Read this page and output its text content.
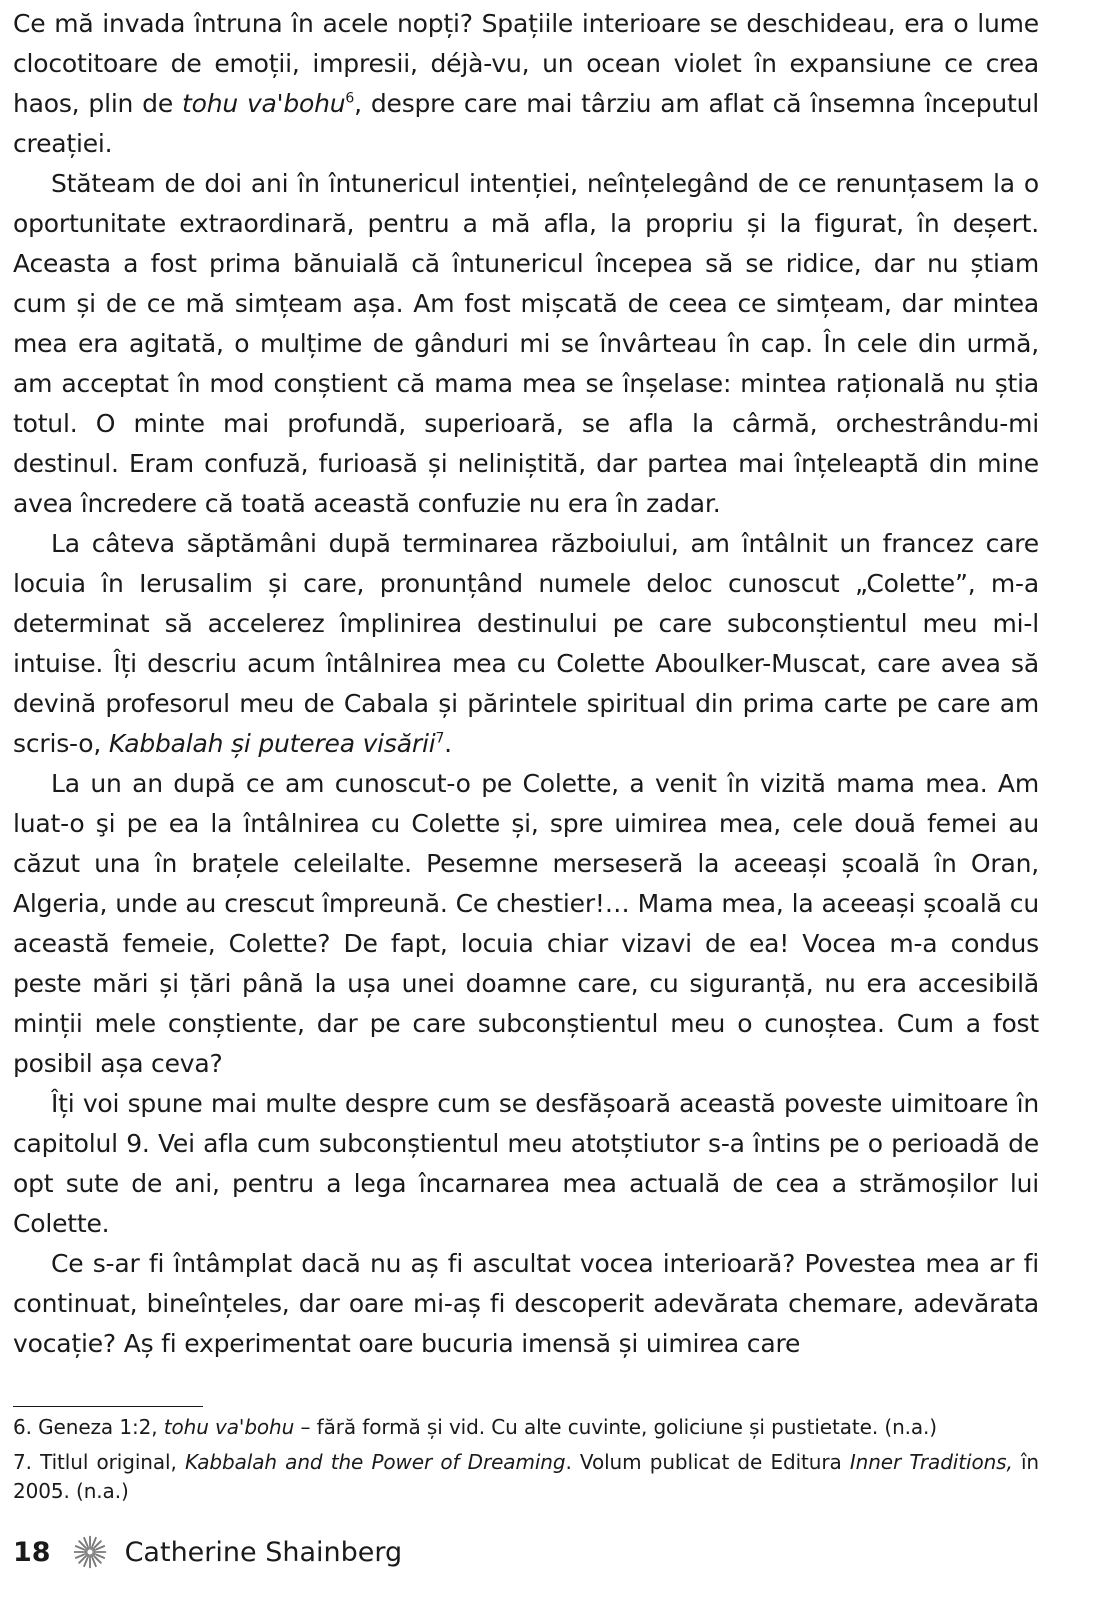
Ce mă invada întruna în acele nopți? Spațiile interioare se deschideau, era o lume clocotitoare de emoții, impresii, déjà-vu, un ocean violet în expansiune ce crea haos, plin de tohu va'bohu$^6$, despre care mai târziu am aflat că însemna începutul creației.

Stăteam de doi ani în întunericul intenției, neînțelegând de ce renunțasem la o oportunitate extraordinară, pentru a mă afla, la propriu și la figurat, în deșert. Aceasta a fost prima bănuială că întunericul începea să se ridice, dar nu știam cum și de ce mă simțeam așa. Am fost mișcată de ceea ce simțeam, dar mintea mea era agitată, o mulțime de gânduri mi se învârteau în cap. În cele din urmă, am acceptat în mod conștient că mama mea se înșelase: mintea rațională nu știa totul. O minte mai profundă, superioară, se afla la cârmă, orchestrându-mi destinul. Eram confuză, furioasă și neliniștită, dar partea mai înțeleaptă din mine avea încredere că toată această confuzie nu era în zadar.

La câteva săptămâni după terminarea războiului, am întâlnit un francez care locuia în Ierusalim și care, pronunțând numele deloc cunoscut „Colette”, m-a determinat să accelerez împlinirea destinului pe care subconștientul meu mi-l intuise. Îți descriu acum întâlnirea mea cu Colette Aboulker-Muscat, care avea să devină profesorul meu de Cabala și părintele spiritual din prima carte pe care am scris-o, Kabbalah și puterea visării$^7$.

La un an după ce am cunoscut-o pe Colette, a venit în vizită mama mea. Am luat-o şi pe ea la întâlnirea cu Colette și, spre uimirea mea, cele două femei au căzut una în brațele celeilalte. Pesemne merseseră la aceeași școală în Oran, Algeria, unde au crescut împreună. Ce chestier!… Mama mea, la aceeași școală cu această femeie, Colette? De fapt, locuia chiar vizavi de ea! Vocea m-a condus peste mări și țări până la ușa unei doamne care, cu siguranță, nu era accesibilă minții mele conștiente, dar pe care subconștientul meu o cunoștea. Cum a fost posibil așa ceva?

Îți voi spune mai multe despre cum se desfășoară această poveste uimitoare în capitolul 9. Vei afla cum subconștientul meu atotștiutor s-a întins pe o perioadă de opt sute de ani, pentru a lega încarnarea mea actuală de cea a strămoșilor lui Colette.

Ce s-ar fi întâmplat dacă nu aș fi ascultat vocea interioară? Povestea mea ar fi continuat, bineînțeles, dar oare mi-aș fi descoperit adevărata chemare, adevărata vocație? Aș fi experimentat oare bucuria imensă și uimirea care

6. Geneza 1:2, tohu va'bohu – fără formă și vid. Cu alte cuvinte, goliciune și pustietate. (n.a.)

7. Titlul original, Kabbalah and the Power of Dreaming. Volum publicat de Editura Inner Traditions, în 2005. (n.a.)

18	Catherine Shainberg
